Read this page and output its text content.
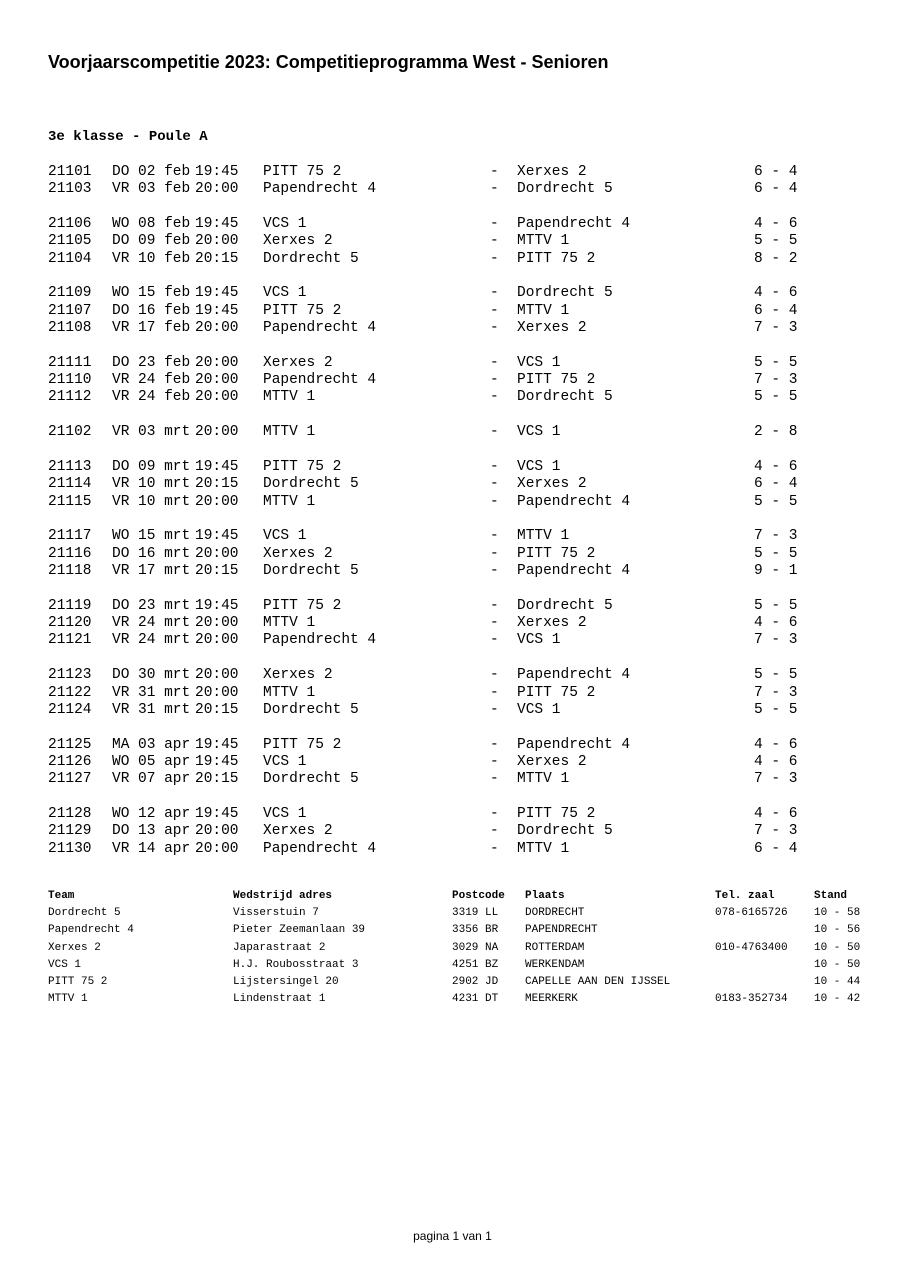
Voorjaarscompetitie 2023: Competitieprogramma West - Senioren
3e klasse - Poule A
21101 DO 02 feb 19:45 PITT 75 2	- Xerxes 2	6 - 4
21103 VR 03 feb 20:00 Papendrecht 4	- Dordrecht 5	6 - 4
21106 WO 08 feb 19:45 VCS 1	- Papendrecht 4	4 - 6
21105 DO 09 feb 20:00 Xerxes 2	- MTTV 1	5 - 5
21104 VR 10 feb 20:15 Dordrecht 5	- PITT 75 2	8 - 2
21109 WO 15 feb 19:45 VCS 1	- Dordrecht 5	4 - 6
21107 DO 16 feb 19:45 PITT 75 2	- MTTV 1	6 - 4
21108 VR 17 feb 20:00 Papendrecht 4	- Xerxes 2	7 - 3
21111 DO 23 feb 20:00 Xerxes 2	- VCS 1	5 - 5
21110 VR 24 feb 20:00 Papendrecht 4	- PITT 75 2	7 - 3
21112 VR 24 feb 20:00 MTTV 1	- Dordrecht 5	5 - 5
21102 VR 03 mrt 20:00 MTTV 1	- VCS 1	2 - 8
21113 DO 09 mrt 19:45 PITT 75 2	- VCS 1	4 - 6
21114 VR 10 mrt 20:15 Dordrecht 5	- Xerxes 2	6 - 4
21115 VR 10 mrt 20:00 MTTV 1	- Papendrecht 4	5 - 5
21117 WO 15 mrt 19:45 VCS 1	- MTTV 1	7 - 3
21116 DO 16 mrt 20:00 Xerxes 2	- PITT 75 2	5 - 5
21118 VR 17 mrt 20:15 Dordrecht 5	- Papendrecht 4	9 - 1
21119 DO 23 mrt 19:45 PITT 75 2	- Dordrecht 5	5 - 5
21120 VR 24 mrt 20:00 MTTV 1	- Xerxes 2	4 - 6
21121 VR 24 mrt 20:00 Papendrecht 4	- VCS 1	7 - 3
21123 DO 30 mrt 20:00 Xerxes 2	- Papendrecht 4	5 - 5
21122 VR 31 mrt 20:00 MTTV 1	- PITT 75 2	7 - 3
21124 VR 31 mrt 20:15 Dordrecht 5	- VCS 1	5 - 5
21125 MA 03 apr 19:45 PITT 75 2	- Papendrecht 4	4 - 6
21126 WO 05 apr 19:45 VCS 1	- Xerxes 2	4 - 6
21127 VR 07 apr 20:15 Dordrecht 5	- MTTV 1	7 - 3
21128 WO 12 apr 19:45 VCS 1	- PITT 75 2	4 - 6
21129 DO 13 apr 20:00 Xerxes 2	- Dordrecht 5	7 - 3
21130 VR 14 apr 20:00 Papendrecht 4	- MTTV 1	6 - 4
Team	Wedstrijd adres	Postcode Plaats	Tel. zaal	Stand
Dordrecht 5	Visserstuin 7	3319 LL DORDRECHT	078-6165726 10 - 58
Papendrecht 4	Pieter Zeemanlaan 39	3356 BR PAPENDRECHT	10 - 56
Xerxes 2	Japarastraat 2	3029 NA ROTTERDAM	010-4763400 10 - 50
VCS 1	H.J. Roubosstraat 3	4251 BZ WERKENDAM	10 - 50
PITT 75 2	Lijstersingel 20	2902 JD CAPELLE AAN DEN IJSSEL	10 - 44
MTTV 1	Lindenstraat 1	4231 DT MEERKERK	0183-352734 10 - 42
pagina 1 van 1
